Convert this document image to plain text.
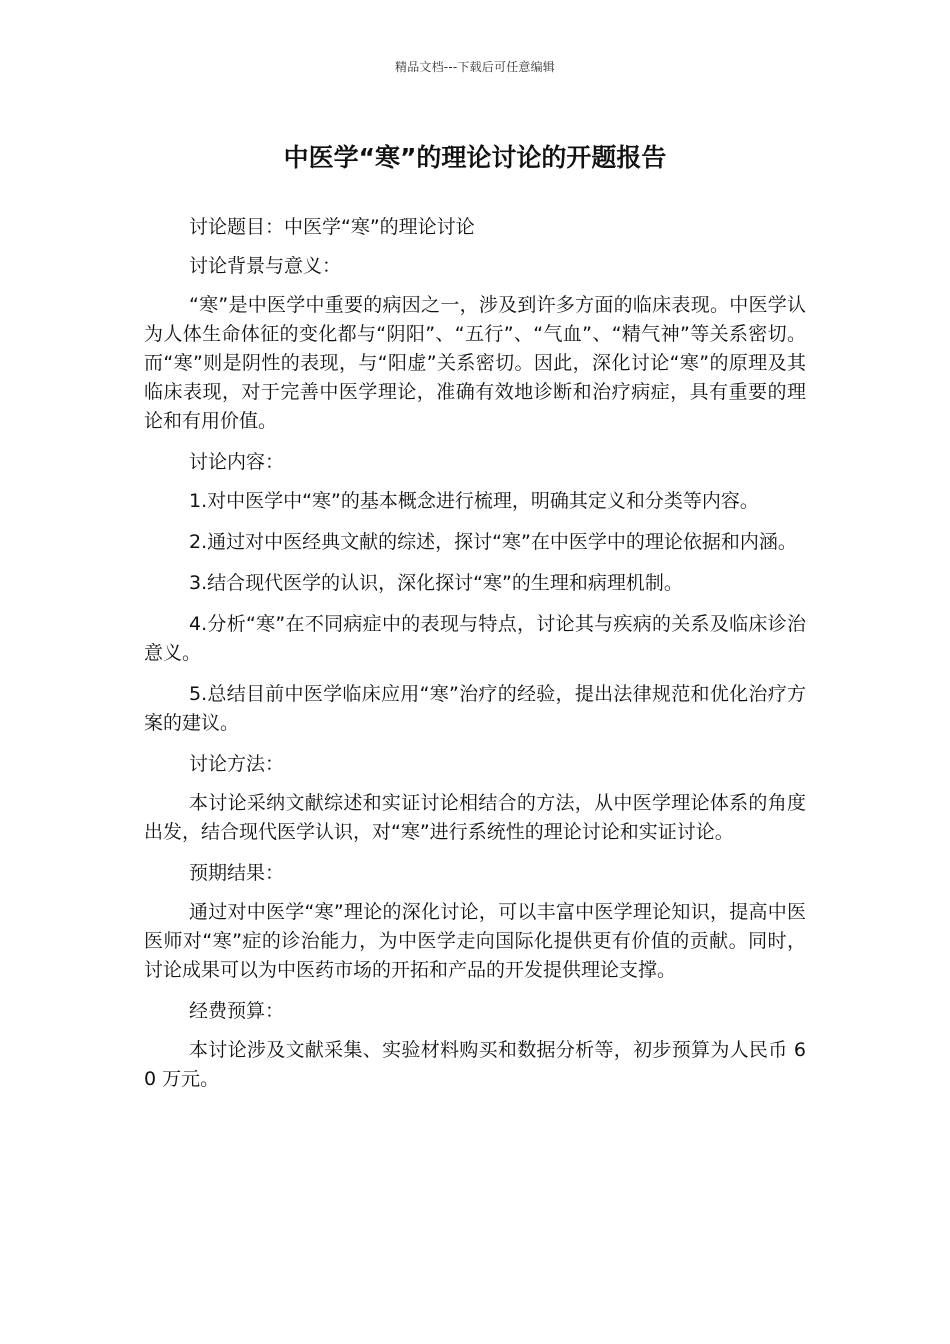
精品文档---下载后可任意编辑
中医学“寒”的理论讨论的开题报告

讨论题目：中医学“寒”的理论讨论

讨论背景与意义：

“寒”是中医学中重要的病因之一，涉及到许多方面的临床表现。中医学认为人体生命体征的变化都与“阴阳”、“五行”、“气血”、“精气神”等关系密切。而“寒”则是阴性的表现，与“阳虚”关系密切。因此，深化讨论“寒”的原理及其临床表现，对于完善中医学理论，准确有效地诊断和治疗病症，具有重要的理论和有用价值。

讨论内容：

1.对中医学中“寒”的基本概念进行梳理，明确其定义和分类等内容。

2.通过对中医经典文献的综述，探讨“寒”在中医学中的理论依据和内涵。

3.结合现代医学的认识，深化探讨“寒”的生理和病理机制。

4.分析“寒”在不同病症中的表现与特点，讨论其与疾病的关系及临床诊治意义。

5.总结目前中医学临床应用“寒”治疗的经验，提出法律规范和优化治疗方案的建议。

讨论方法：

本讨论采纳文献综述和实证讨论相结合的方法，从中医学理论体系的角度出发，结合现代医学认识，对“寒”进行系统性的理论讨论和实证讨论。

预期结果：

通过对中医学“寒”理论的深化讨论，可以丰富中医学理论知识，提高中医医师对“寒”症的诊治能力，为中医学走向国际化提供更有价值的贡献。同时，讨论成果可以为中医药市场的开拓和产品的开发提供理论支撑。

经费预算：

本讨论涉及文献采集、实验材料购买和数据分析等，初步预算为人民币 60 万元。
